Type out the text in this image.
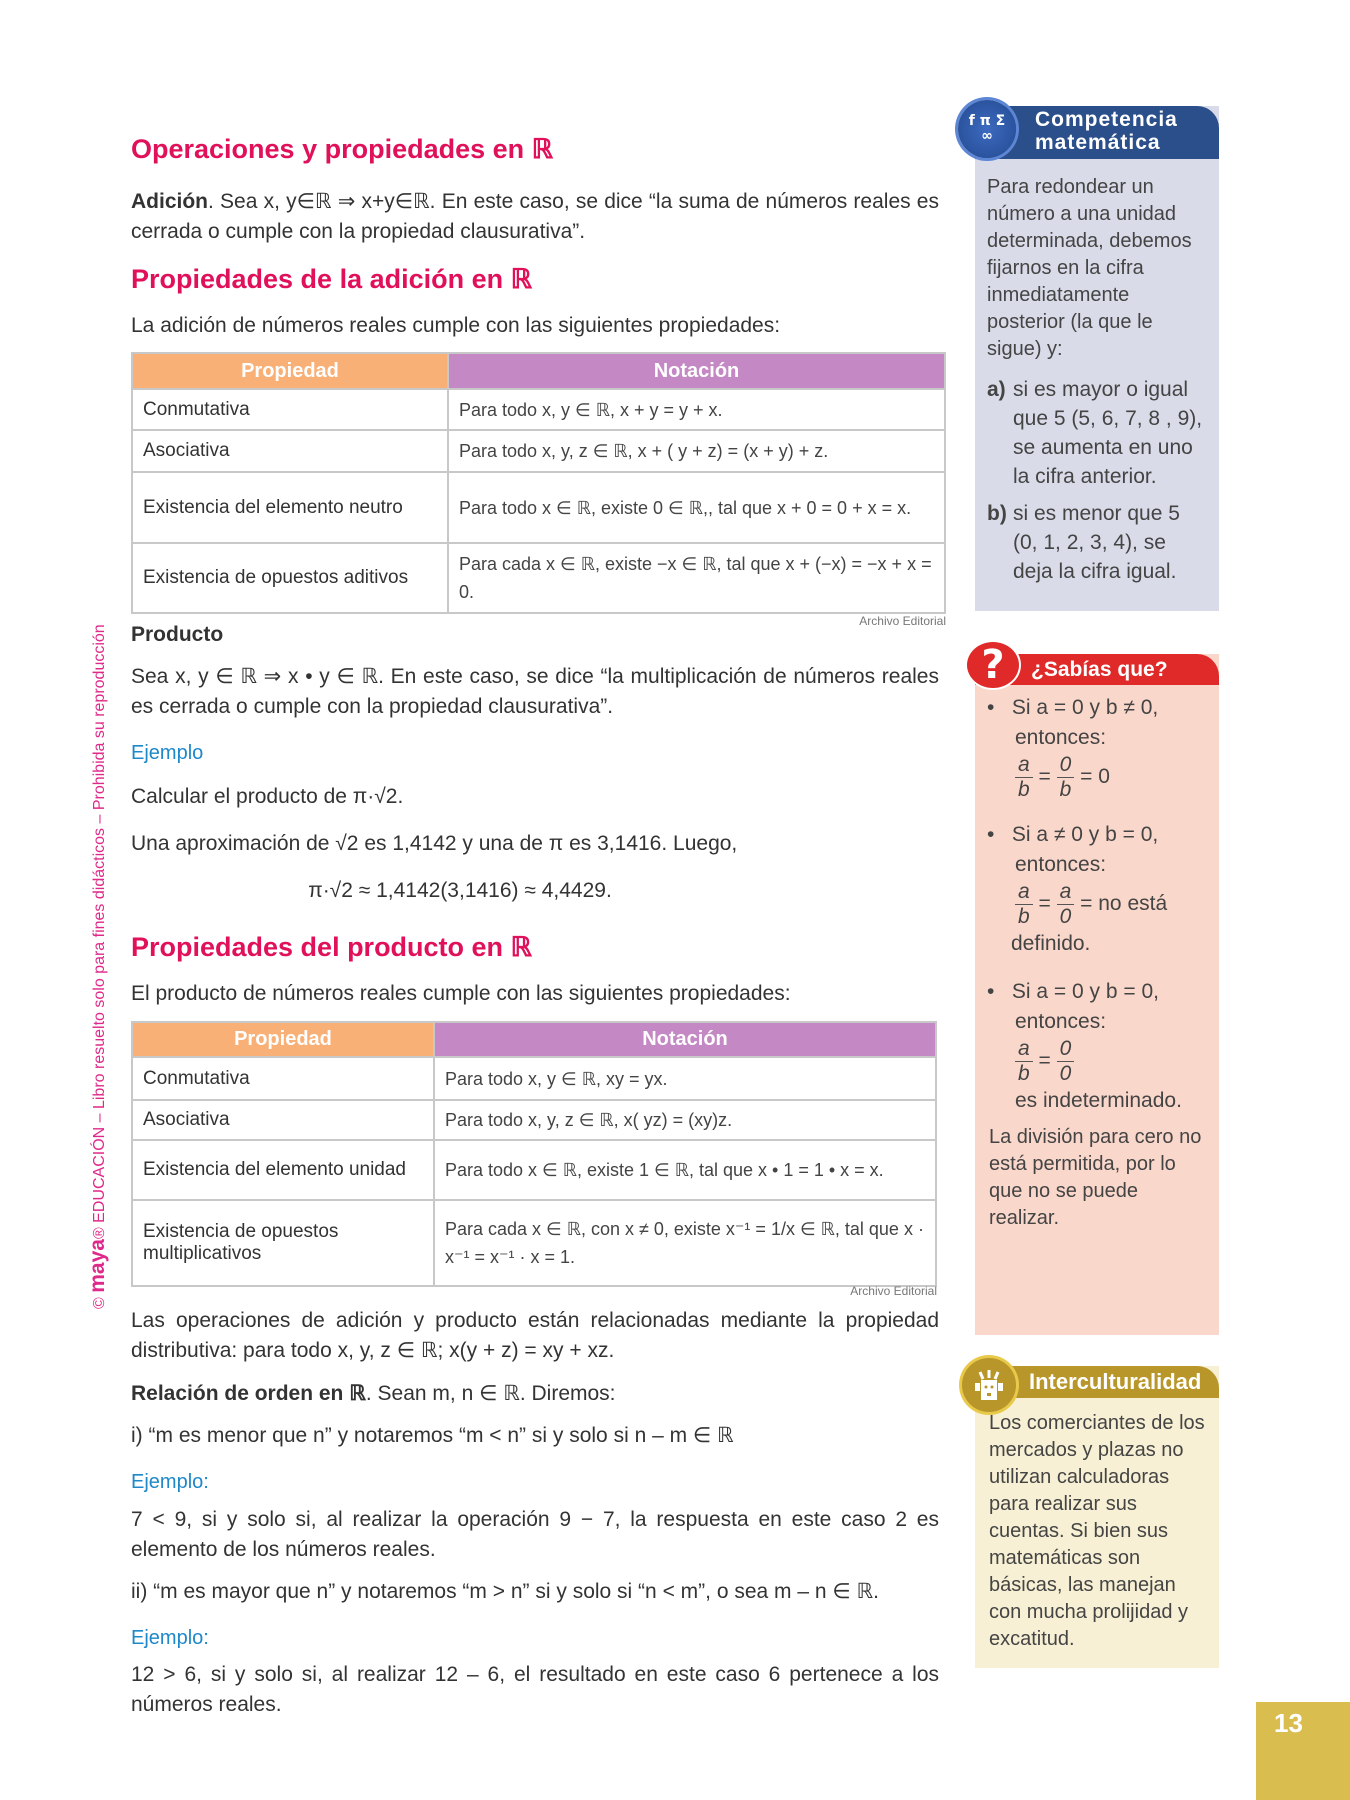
© maya® EDUCACIÓN – Libro resuelto solo para fines didácticos – Prohibida su reproducción
Operaciones y propiedades en ℝ
Adición. Sea x, y∈ℝ ⇒ x+y∈ℝ. En este caso, se dice “la suma de números reales es cerrada o cumple con la propiedad clausurativa”.
Propiedades de la adición en ℝ
La adición de números reales cumple con las siguientes propiedades:
Propiedad	Notación
Conmutativa	Para todo x, y ∈ ℝ, x + y = y + x.
Asociativa	Para todo x, y, z ∈ ℝ, x + ( y + z) = (x + y) + z.
Existencia del elemento neutro	Para todo x ∈ ℝ, existe 0 ∈ ℝ,, tal que x + 0 = 0 + x = x.
Existencia de opuestos aditivos	Para cada x ∈ ℝ, existe −x ∈ ℝ, tal que x + (−x) = −x + x = 0.
Archivo Editorial
Producto
Sea x, y ∈ ℝ ⇒ x • y ∈ ℝ. En este caso, se dice “la multiplicación de números reales es cerrada o cumple con la propiedad clausurativa”.
Ejemplo
Calcular el producto de π·√2.
Una aproximación de √2 es 1,4142 y una de π es 3,1416. Luego,
π·√2 ≈ 1,4142(3,1416) ≈ 4,4429.
Propiedades del producto en ℝ
El producto de números reales cumple con las siguientes propiedades:
Propiedad	Notación
Conmutativa	Para todo x, y ∈ ℝ, xy = yx.
Asociativa	Para todo x, y, z ∈ ℝ, x( yz) = (xy)z.
Existencia del elemento unidad	Para todo x ∈ ℝ, existe 1 ∈ ℝ, tal que x • 1 = 1 • x = x.
Existencia de opuestos multiplicativos	Para cada x ∈ ℝ, con x ≠ 0, existe x⁻¹ = 1/x ∈ ℝ, tal que x · x⁻¹ = x⁻¹ · x = 1.
Archivo Editorial
Las operaciones de adición y producto están relacionadas mediante la propiedad distributiva: para todo x, y, z ∈ ℝ; x(y + z) = xy + xz.
Relación de orden en ℝ. Sean m, n ∈ ℝ. Diremos:
i) “m es menor que n” y notaremos “m < n” si y solo si n – m ∈ ℝ
Ejemplo:
7 < 9, si y solo si, al realizar la operación 9 − 7, la respuesta en este caso 2 es elemento de los números reales.
ii) “m es mayor que n” y notaremos “m > n” si y solo si “n < m”, o sea m – n ∈ ℝ.
Ejemplo:
12 > 6, si y solo si, al realizar 12 – 6, el resultado en este caso 6 pertenece a los números reales.
Competencia
matemática
Para redondear un número a una unidad determinada, debemos fijarnos en la cifra inmediatamente posterior (la que le sigue) y:
a) si es mayor o igual que 5 (5, 6, 7, 8 , 9), se aumenta en uno la cifra anterior.
b) si es menor que 5 (0, 1, 2, 3, 4), se deja la cifra igual.
f π Σ ∞
¿Sabías que?
•   Si a = 0 y b ≠ 0,
entonces:
$\frac{a}{b} = \frac{0}{b} = 0$
•   Si a ≠ 0 y b = 0,
entonces:
$\frac{a}{b} = \frac{a}{0}$ = no está
definido.
•   Si a = 0 y b = 0,
entonces:
$\frac{a}{b} = \frac{0}{0}$
es indeterminado.
La división para cero no está permitida, por lo que no se puede realizar.
?
Interculturalidad
Los comerciantes de los mercados y plazas no utilizan calculadoras para realizar sus cuentas. Si bien sus matemáticas son básicas, las manejan con mucha prolijidad y excatitud.
13
